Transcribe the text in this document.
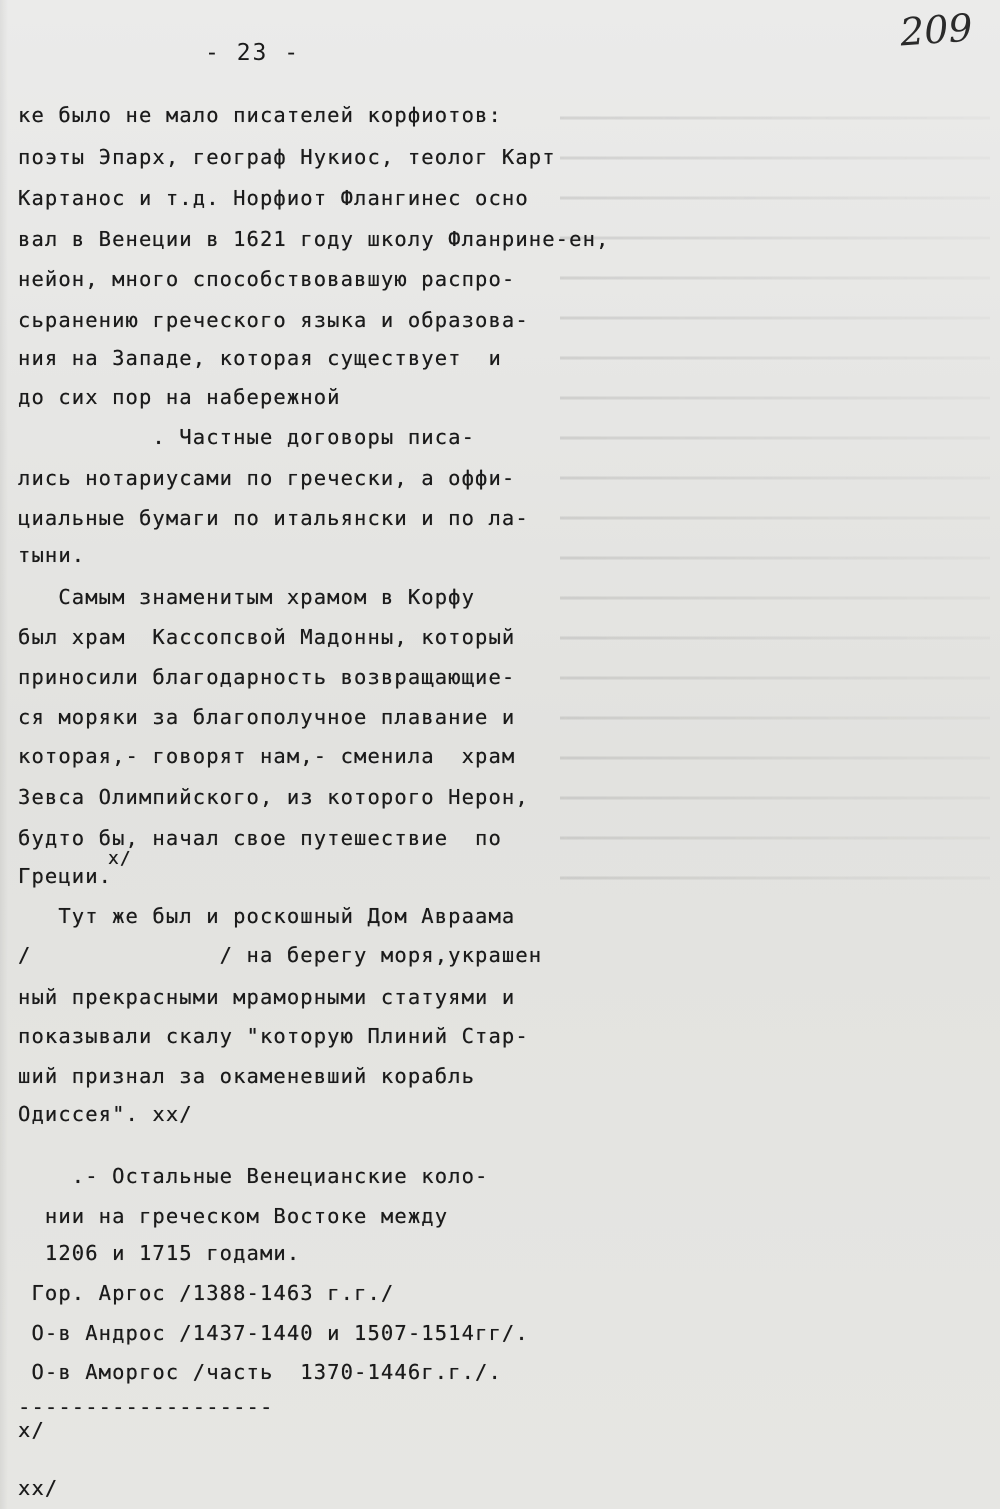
- 23 -	209
ке было не мало писателей корфиотов:
поэты Эпарх, географ Нукиос, теолог Карт
Картанос и т.д. Норфиот Флангинес осно
вал в Венеции в 1621 году школу Фланрине-ен,
нейон, много способствовавшую распро-
сьранению греческого языка и образова-
ния на Западе, которая существует  и
до сих пор на набережной
. Частные договоры писа-
лись нотариусами по гречески, а оффи-
циальные бумаги по итальянски и по ла-
тыни.
Самым знаменитым храмом в Корфу
был храм  Кассопсвой Мадонны, который
приносили благодарность возвращающие-
ся моряки за благополучное плавание и
которая,- говорят нам,- сменила  храм
Зевса Олимпийского, из которого Нерон,
будто бы, начал свое путешествие  по
x/
Греции.
Тут же был и роскошный Дом Авраама
/              / на берегу моря,украшен
ный прекрасными мраморными статуями и
показывали скалу "которую Плиний Стар-
ший признал за окаменевший корабль
Одиссея". xx/
.- Остальные Венецианские коло-
нии на греческом Востоке между
1206 и 1715 годами.
Гор. Аргос /1388-1463 г.г./
О-в Андрос /1437-1440 и 1507-1514гг/.
О-в Аморгос /часть  1370-1446г.г./.
-------------------
x/
xx/
